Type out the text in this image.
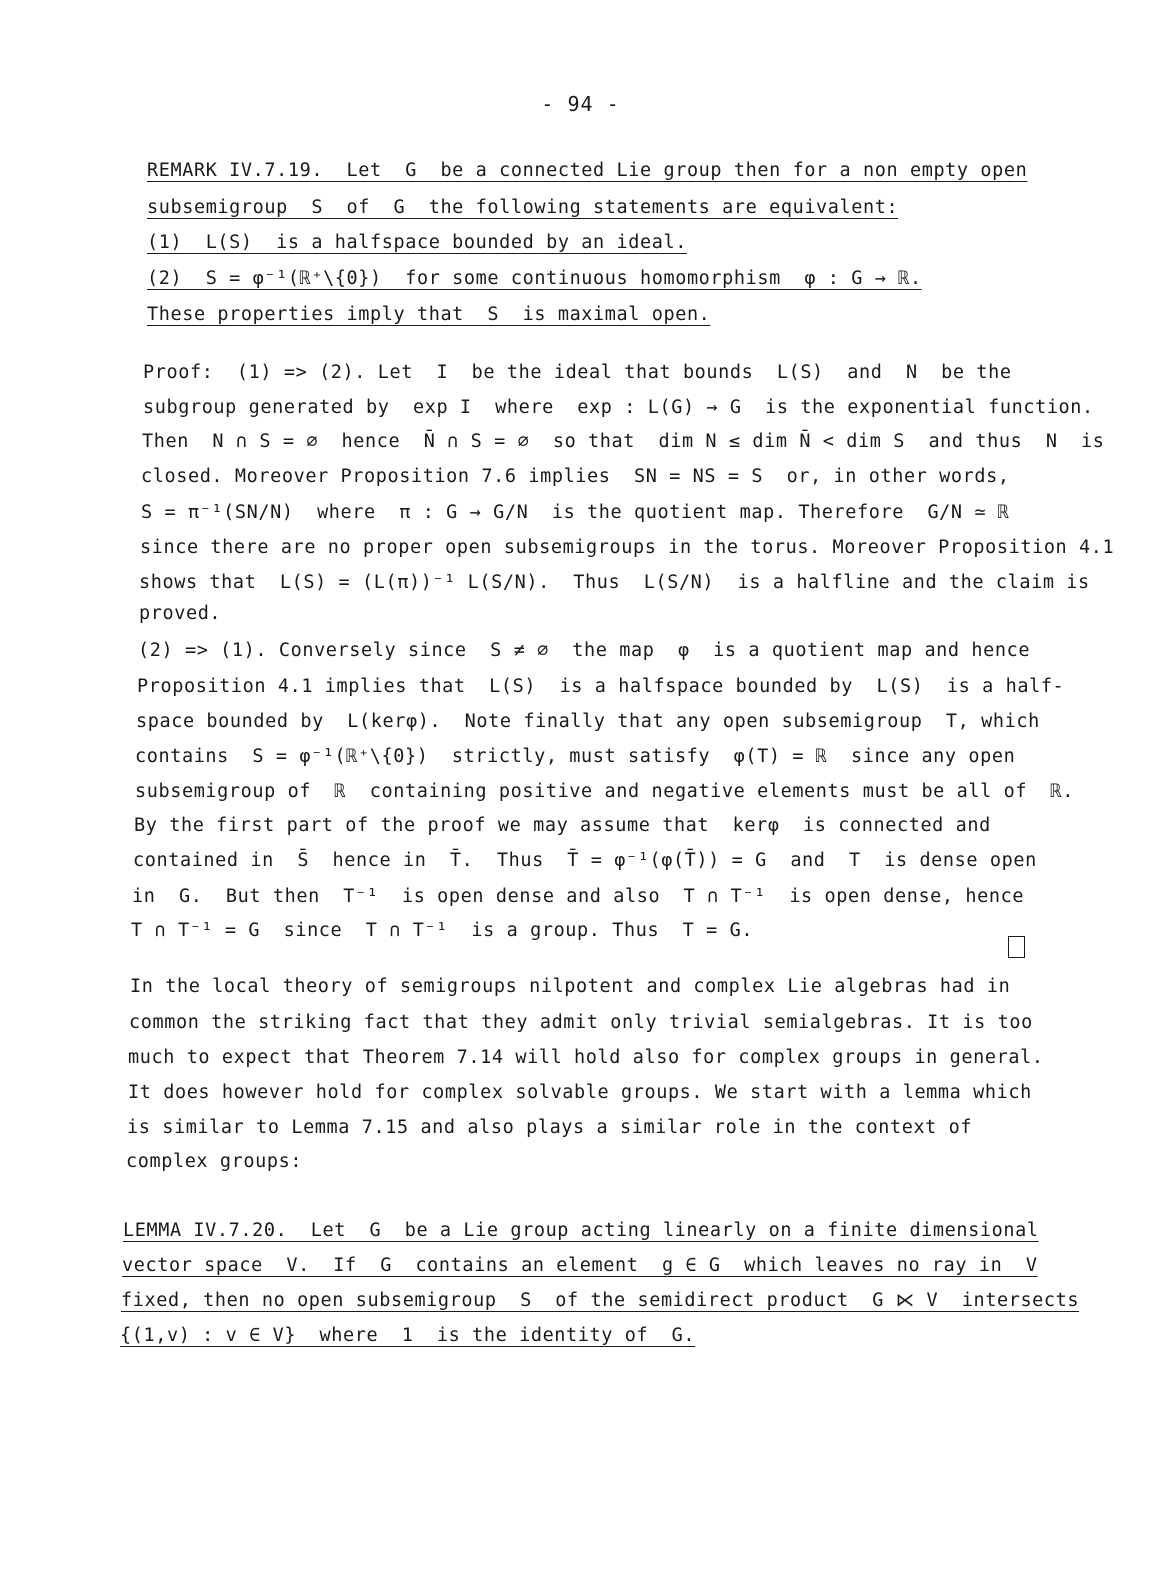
- 94 -
REMARK IV.7.19.  Let  G  be a connected Lie group then for a non empty open
subsemigroup  S  of  G  the following statements are equivalent:
(1)  L(S)  is a halfspace bounded by an ideal.
(2)  S = φ⁻¹(ℝ⁺\{0})  for some continuous homomorphism  φ : G → ℝ.
These properties imply that  S  is maximal open.
Proof:  (1) => (2). Let  I  be the ideal that bounds  L(S)  and  N  be the
subgroup generated by  exp I  where  exp : L(G) → G  is the exponential function.
Then  N ∩ S = ∅  hence  N̄ ∩ S = ∅  so that  dim N ≤ dim N̄ < dim S  and thus  N  is
closed. Moreover Proposition 7.6 implies  SN = NS = S  or, in other words,
S = π⁻¹(SN/N)  where  π : G → G/N  is the quotient map. Therefore  G/N ≃ ℝ
since there are no proper open subsemigroups in the torus. Moreover Proposition 4.1
shows that  L(S) = (L(π))⁻¹ L(S/N).  Thus  L(S/N)  is a halfline and the claim is
proved.
(2) => (1). Conversely since  S ≠ ∅  the map  φ  is a quotient map and hence
Proposition 4.1 implies that  L(S)  is a halfspace bounded by  L(S)  is a half-
space bounded by  L(kerφ).  Note finally that any open subsemigroup  T, which
contains  S = φ⁻¹(ℝ⁺\{0})  strictly, must satisfy  φ(T) = ℝ  since any open
subsemigroup of  ℝ  containing positive and negative elements must be all of  ℝ.
By the first part of the proof we may assume that  kerφ  is connected and
contained in  S̄  hence in  T̄.  Thus  T̄ = φ⁻¹(φ(T̄)) = G  and  T  is dense open
in  G.  But then  T⁻¹  is open dense and also  T ∩ T⁻¹  is open dense, hence
T ∩ T⁻¹ = G  since  T ∩ T⁻¹  is a group. Thus  T = G.
In the local theory of semigroups nilpotent and complex Lie algebras had in
common the striking fact that they admit only trivial semialgebras. It is too
much to expect that Theorem 7.14 will hold also for complex groups in general.
It does however hold for complex solvable groups. We start with a lemma which
is similar to Lemma 7.15 and also plays a similar role in the context of
complex groups:
LEMMA IV.7.20.  Let  G  be a Lie group acting linearly on a finite dimensional
vector space  V.  If  G  contains an element  g ∈ G  which leaves no ray in  V
fixed, then no open subsemigroup  S  of the semidirect product  G ⋉ V  intersects
{(1,v) : v ∈ V}  where  1  is the identity of  G.
